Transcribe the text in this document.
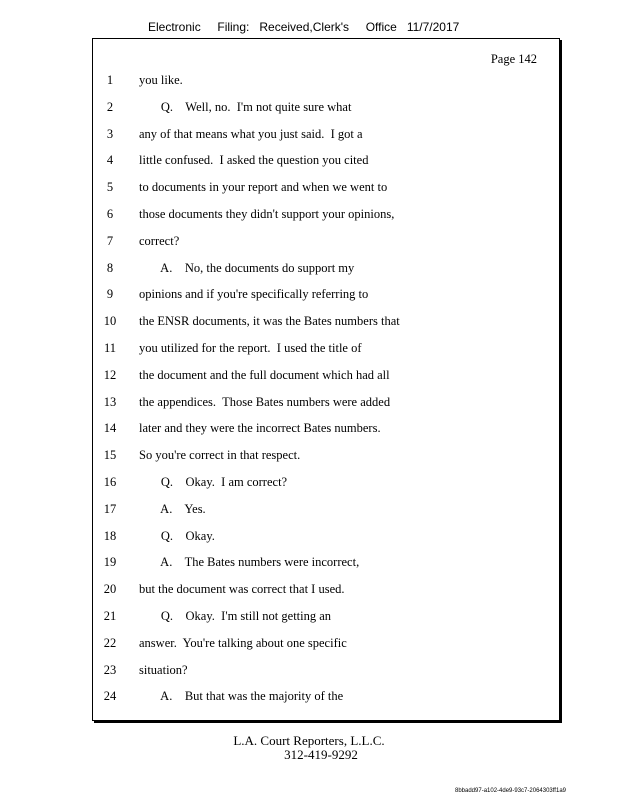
Electronic     Filing:   Received,Clerk's     Office   11/7/2017
Page 142
1	you like.
2	Q.    Well, no.  I'm not quite sure what
3	any of that means what you just said.  I got a
4	little confused.  I asked the question you cited
5	to documents in your report and when we went to
6	those documents they didn't support your opinions,
7	correct?
8	A.    No, the documents do support my
9	opinions and if you're specifically referring to
10	the ENSR documents, it was the Bates numbers that
11	you utilized for the report.  I used the title of
12	the document and the full document which had all
13	the appendices.  Those Bates numbers were added
14	later and they were the incorrect Bates numbers.
15	So you're correct in that respect.
16	Q.    Okay.  I am correct?
17	A.    Yes.
18	Q.    Okay.
19	A.    The Bates numbers were incorrect,
20	but the document was correct that I used.
21	Q.    Okay.  I'm still not getting an
22	answer.  You're talking about one specific
23	situation?
24	A.    But that was the majority of the
L.A. Court Reporters, L.L.C.
312-419-9292
8bbadd97-a102-4de9-93c7-2064303ff1a9
